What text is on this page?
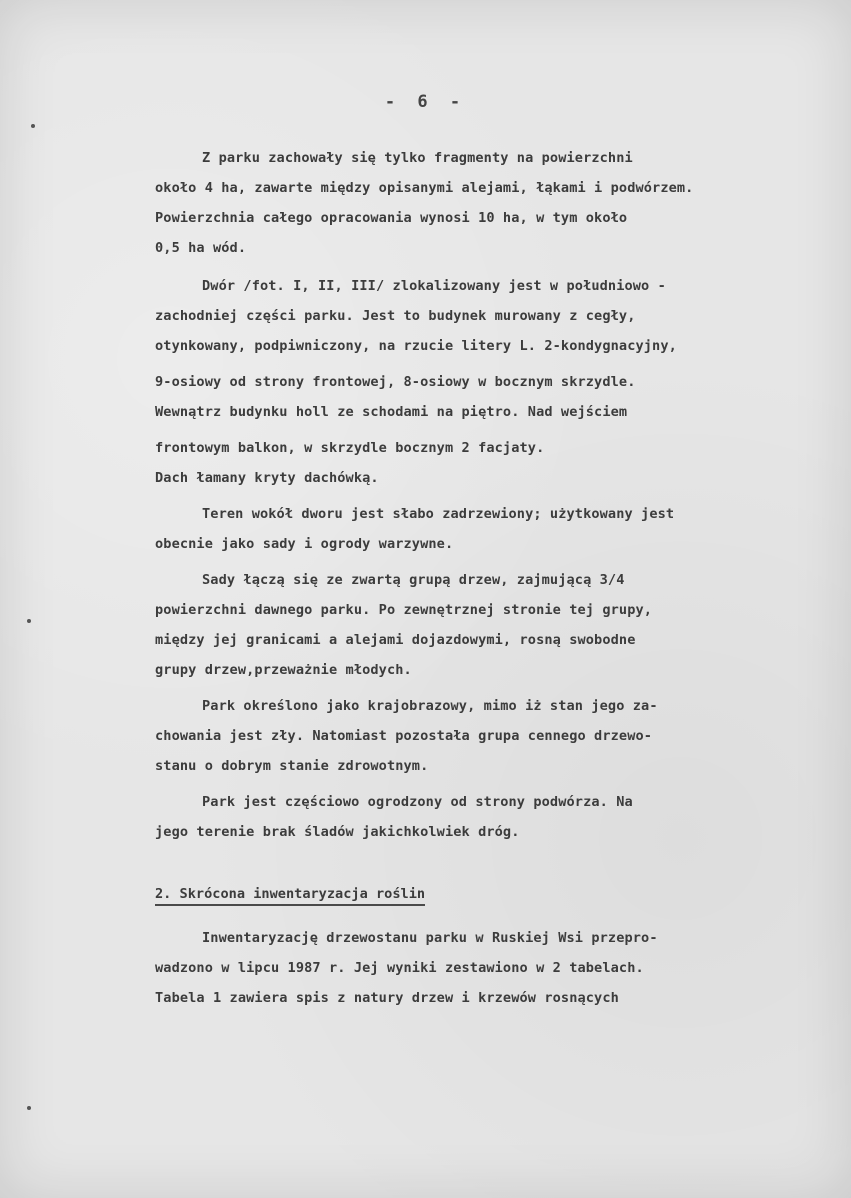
- 6 -
Z parku zachowały się tylko fragmenty na powierzchni
około 4 ha, zawarte między opisanymi alejami, łąkami i podwórzem.
Powierzchnia całego opracowania wynosi 10 ha, w tym około
0,5 ha wód.
Dwór /fot. I, II, III/ zlokalizowany jest w południowo -
zachodniej części parku. Jest to budynek murowany z cegły,
otynkowany, podpiwniczony, na rzucie litery L. 2-kondygnacyjny,
9-osiowy od strony frontowej, 8-osiowy w bocznym skrzydle.
Wewnątrz budynku holl ze schodami na piętro. Nad wejściem
frontowym balkon, w skrzydle bocznym 2 facjaty.
Dach łamany kryty dachówką.
Teren wokół dworu jest słabo zadrzewiony; użytkowany jest
obecnie jako sady i ogrody warzywne.
Sady łączą się ze zwartą grupą drzew, zajmującą 3/4
powierzchni dawnego parku. Po zewnętrznej stronie tej grupy,
między jej granicami a alejami dojazdowymi, rosną swobodne
grupy drzew,przeważnie młodych.
Park określono jako krajobrazowy, mimo iż stan jego za-
chowania jest zły. Natomiast pozostała grupa cennego drzewo-
stanu o dobrym stanie zdrowotnym.
Park jest częściowo ogrodzony od strony podwórza. Na
jego terenie brak śladów jakichkolwiek dróg.
2. Skrócona inwentaryzacja roślin
Inwentaryzację drzewostanu parku w Ruskiej Wsi przepro-
wadzono w lipcu 1987 r. Jej wyniki zestawiono w 2 tabelach.
Tabela 1 zawiera spis z natury drzew i krzewów rosnących
